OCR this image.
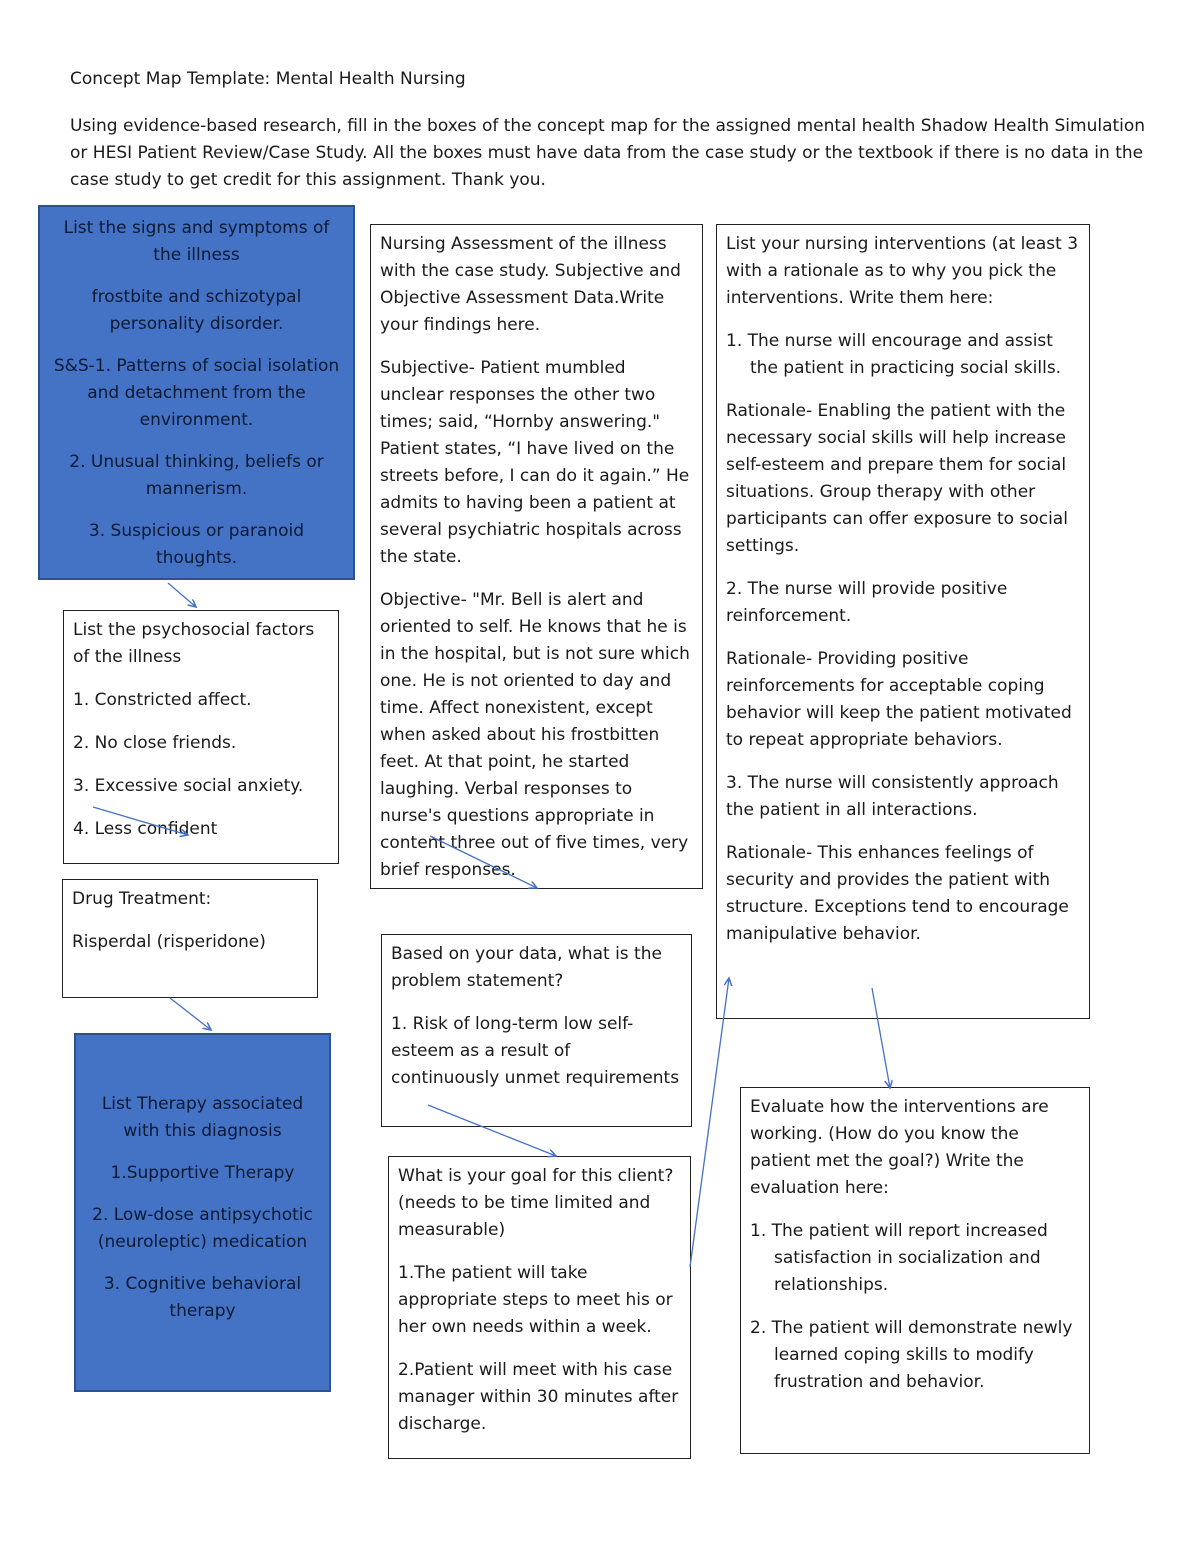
Concept Map Template: Mental Health Nursing
Using evidence-based research, fill in the boxes of the concept map for the assigned mental health Shadow Health Simulation or HESI Patient Review/Case Study. All the boxes must have data from the case study or the textbook if there is no data in the case study to get credit for this assignment. Thank you.

List the signs and symptoms of the illness

frostbite and schizotypal personality disorder.

S&S-1. Patterns of social isolation and detachment from the environment.

2. Unusual thinking, beliefs or mannerism.

3. Suspicious or paranoid thoughts.

List the psychosocial factors of the illness

1. Constricted affect.

2. No close friends.

3. Excessive social anxiety.

4. Less confident

Drug Treatment:

Risperdal (risperidone)

List Therapy associated with this diagnosis

1.Supportive Therapy

2. Low-dose antipsychotic (neuroleptic) medication

3. Cognitive behavioral therapy

Nursing Assessment of the illness with the case study. Subjective and Objective Assessment Data.Write your findings here.

Subjective- Patient mumbled unclear responses the other two times; said, “Hornby answering." Patient states, “I have lived on the streets before, I can do it again.” He admits to having been a patient at several psychiatric hospitals across the state.

Objective- "Mr. Bell is alert and oriented to self. He knows that he is in the hospital, but is not sure which one. He is not oriented to day and time. Affect nonexistent, except when asked about his frostbitten feet. At that point, he started laughing. Verbal responses to nurse's questions appropriate in content three out of five times, very brief responses.

Based on your data, what is the problem statement?

1. Risk of long-term low self-esteem as a result of continuously unmet requirements

What is your goal for this client? (needs to be time limited and measurable)

1.The patient will take appropriate steps to meet his or her own needs within a week.

2.Patient will meet with his case manager within 30 minutes after discharge.

List your nursing interventions (at least 3 with a rationale as to why you pick the interventions. Write them here:

1. The nurse will encourage and assist the patient in practicing social skills.

Rationale- Enabling the patient with the necessary social skills will help increase self-esteem and prepare them for social situations. Group therapy with other participants can offer exposure to social settings.

2. The nurse will provide positive reinforcement.

Rationale- Providing positive reinforcements for acceptable coping behavior will keep the patient motivated to repeat appropriate behaviors.

3. The nurse will consistently approach the patient in all interactions.

Rationale- This enhances feelings of security and provides the patient with structure. Exceptions tend to encourage manipulative behavior.

Evaluate how the interventions are working. (How do you know the patient met the goal?) Write the evaluation here:

1. The patient will report increased satisfaction in socialization and relationships.

2. The patient will demonstrate newly learned coping skills to modify frustration and behavior.
